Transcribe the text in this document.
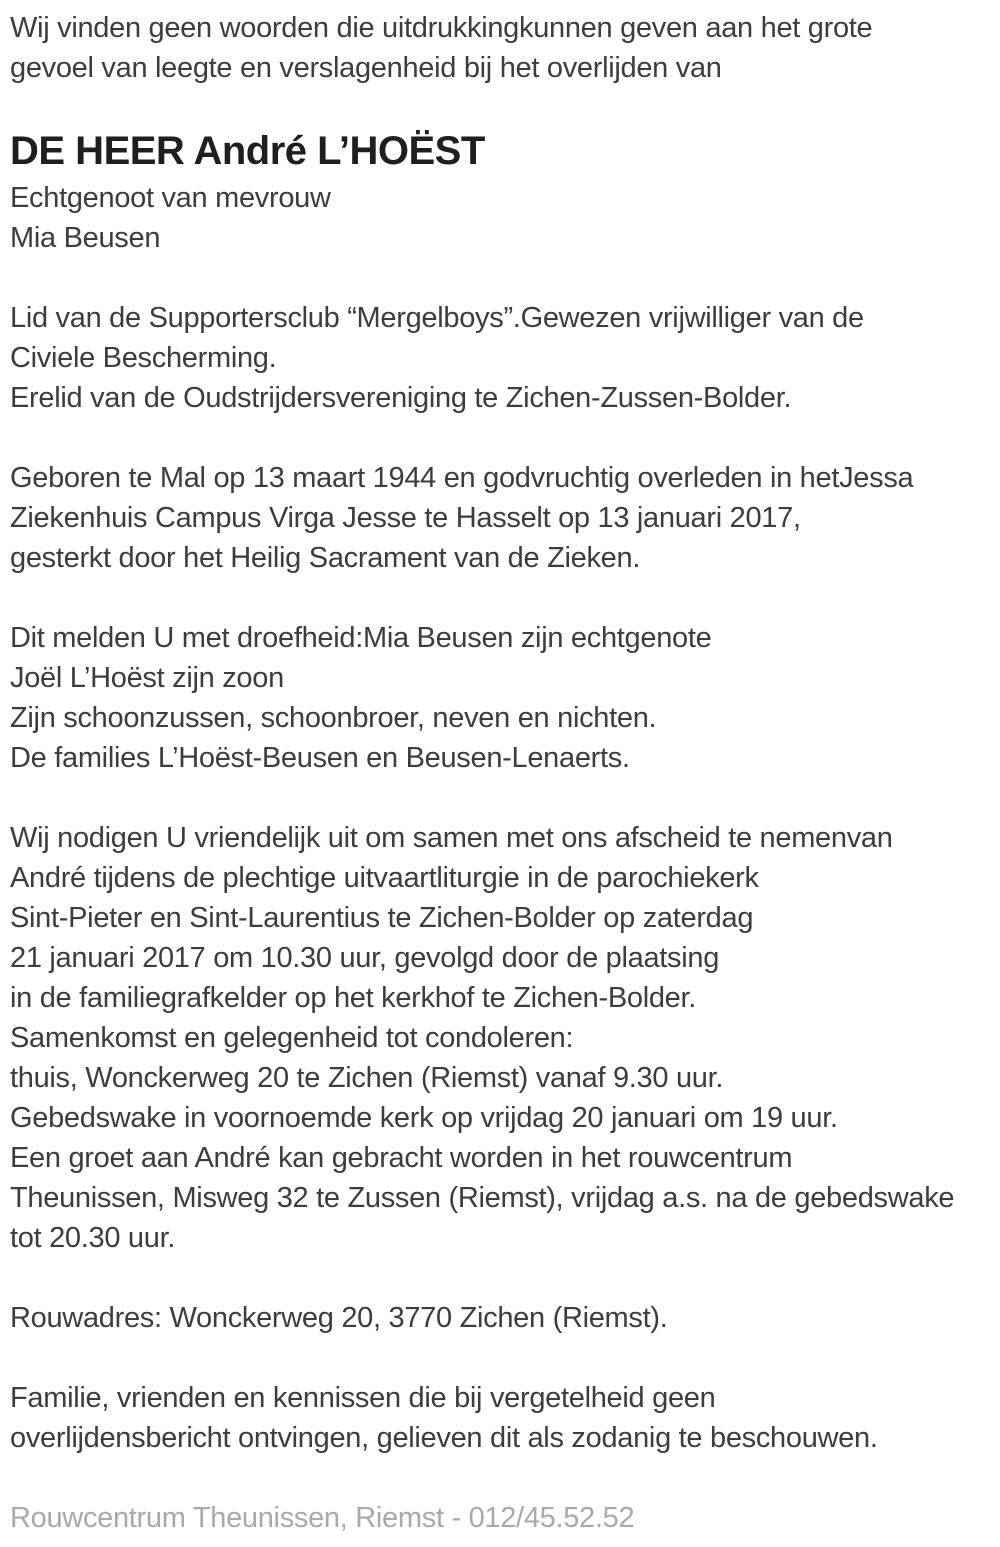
Wij vinden geen woorden die uitdrukkingkunnen geven aan het grote
gevoel van leegte en verslagenheid bij het overlijden van

DE HEER André L’HOËST

Echtgenoot van mevrouw
Mia Beusen

Lid van de Supportersclub “Mergelboys”.Gewezen vrijwilliger van de
Civiele Bescherming.
Erelid van de Oudstrijdersvereniging te Zichen-Zussen-Bolder.

Geboren te Mal op 13 maart 1944 en godvruchtig overleden in hetJessa
Ziekenhuis Campus Virga Jesse te Hasselt op 13 januari 2017,
gesterkt door het Heilig Sacrament van de Zieken.

Dit melden U met droefheid:Mia Beusen zijn echtgenote
Joël L’Hoëst zijn zoon
Zijn schoonzussen, schoonbroer, neven en nichten.
De families L’Hoëst-Beusen en Beusen-Lenaerts.

Wij nodigen U vriendelijk uit om samen met ons afscheid te nemenvan
André tijdens de plechtige uitvaartliturgie in de parochiekerk
Sint-Pieter en Sint-Laurentius te Zichen-Bolder op zaterdag
21 januari 2017 om 10.30 uur, gevolgd door de plaatsing
in de familiegrafkelder op het kerkhof te Zichen-Bolder.
Samenkomst en gelegenheid tot condoleren:
thuis, Wonckerweg 20 te Zichen (Riemst) vanaf 9.30 uur.
Gebedswake in voornoemde kerk op vrijdag 20 januari om 19 uur.
Een groet aan André kan gebracht worden in het rouwcentrum
Theunissen, Misweg 32 te Zussen (Riemst), vrijdag a.s. na de gebedswake
tot 20.30 uur.

Rouwadres: Wonckerweg 20, 3770 Zichen (Riemst).

Familie, vrienden en kennissen die bij vergetelheid geen
overlijdensbericht ontvingen, gelieven dit als zodanig te beschouwen.

Rouwcentrum Theunissen, Riemst - 012/45.52.52
